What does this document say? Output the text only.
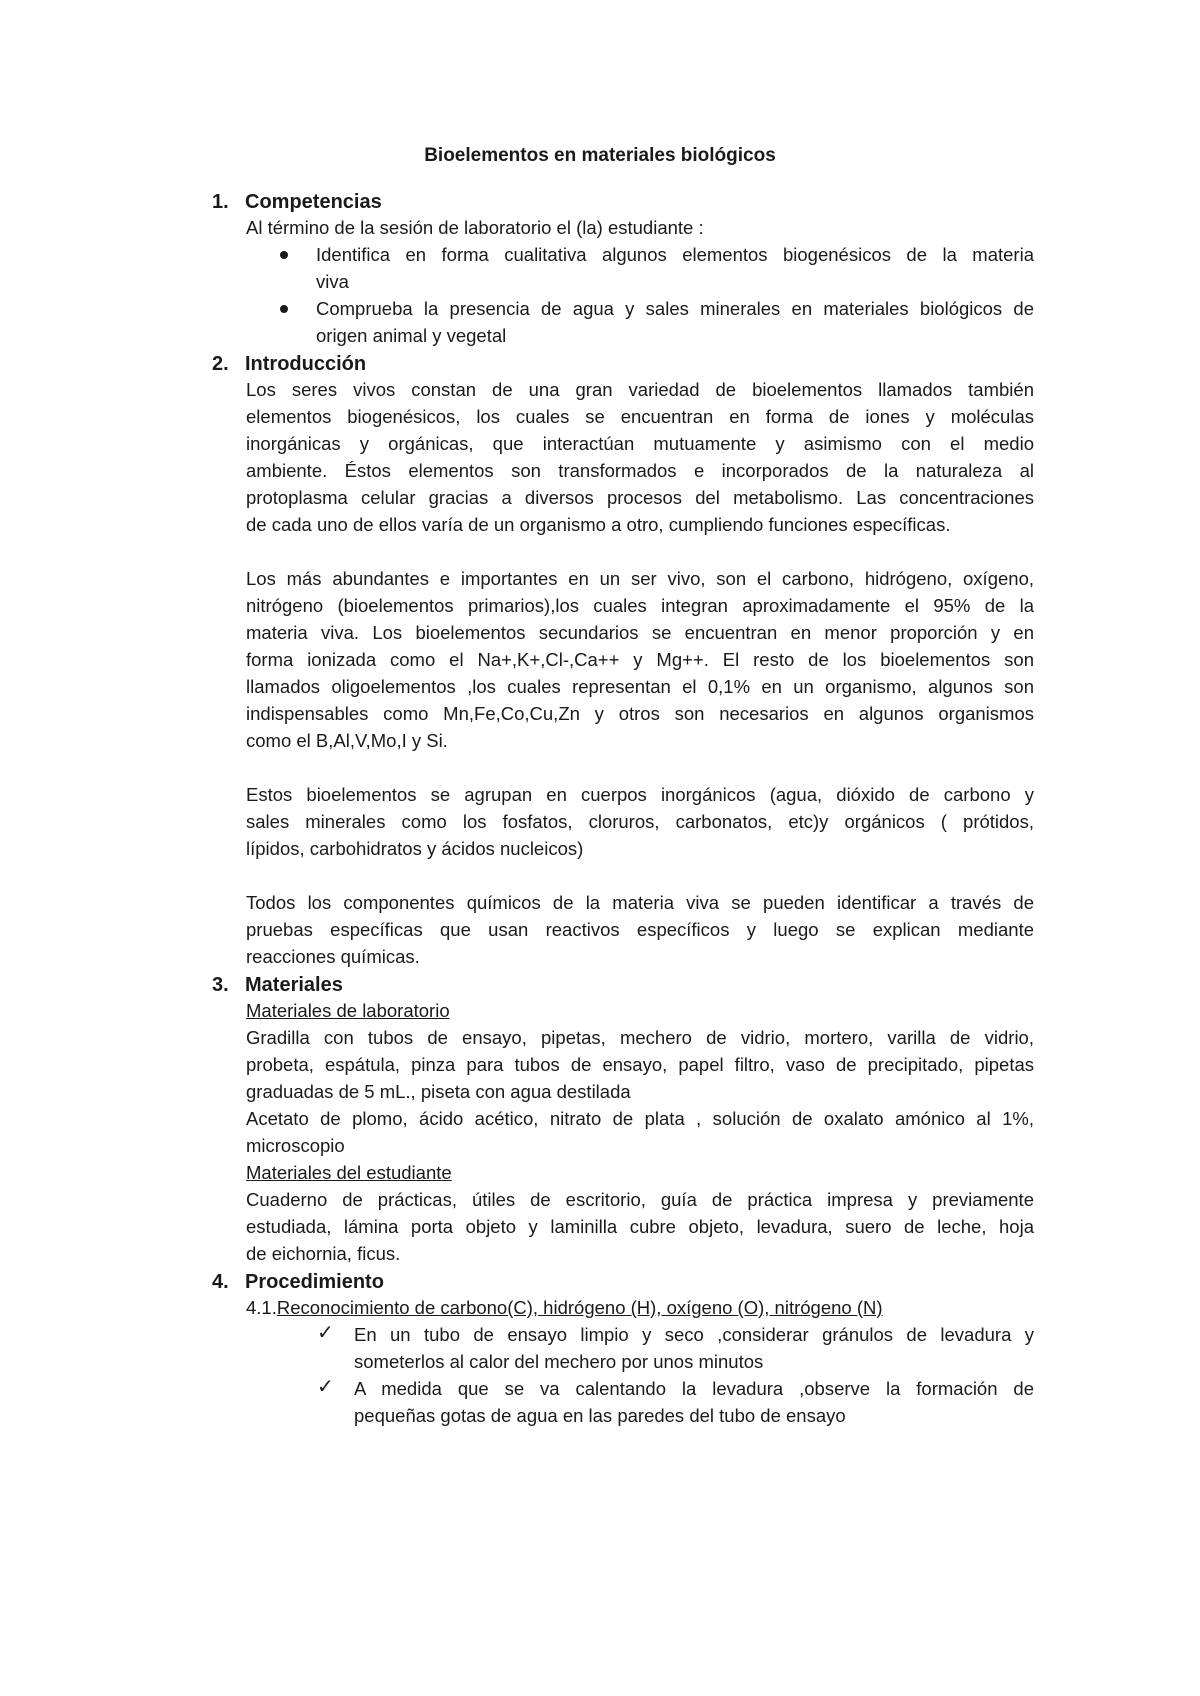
Bioelementos en materiales biológicos
1. Competencias
Al término de la sesión de laboratorio el (la) estudiante :
Identifica en forma cualitativa algunos elementos biogenésicos de la materia
viva
Comprueba la presencia de agua y sales minerales en materiales biológicos de
origen animal y vegetal
2. Introducción
Los seres vivos constan de una gran variedad de bioelementos llamados también
elementos biogenésicos, los cuales se encuentran en forma de iones y moléculas
inorgánicas y orgánicas, que interactúan mutuamente y asimismo con el medio
ambiente. Éstos elementos son transformados e incorporados de la naturaleza al
protoplasma celular gracias a diversos procesos del metabolismo. Las concentraciones
de cada uno de ellos varía de un organismo a otro, cumpliendo funciones específicas.
Los más abundantes e importantes en un ser vivo, son el carbono, hidrógeno, oxígeno,
nitrógeno (bioelementos primarios),los cuales integran aproximadamente el 95% de la
materia viva. Los bioelementos secundarios se encuentran en menor proporción y en
forma ionizada como el Na+,K+,Cl-,Ca++ y Mg++. El resto de los bioelementos son
llamados oligoelementos ,los cuales representan el 0,1% en un organismo, algunos son
indispensables como Mn,Fe,Co,Cu,Zn y otros son necesarios en algunos organismos
como el B,Al,V,Mo,I y Si.
Estos bioelementos se agrupan en cuerpos inorgánicos (agua, dióxido de carbono y
sales minerales como los fosfatos, cloruros, carbonatos, etc)y orgánicos ( prótidos,
lípidos, carbohidratos y ácidos nucleicos)
Todos los componentes químicos de la materia viva se pueden identificar a través de
pruebas específicas que usan reactivos específicos y luego se explican mediante
reacciones químicas.
3. Materiales
Materiales de laboratorio
Gradilla con tubos de ensayo, pipetas, mechero de vidrio, mortero, varilla de vidrio,
probeta, espátula, pinza para tubos de ensayo, papel filtro, vaso de precipitado, pipetas
graduadas de 5 mL., piseta con agua destilada
Acetato de plomo, ácido acético, nitrato de plata , solución de oxalato amónico al 1%,
microscopio
Materiales del estudiante
Cuaderno de prácticas, útiles de escritorio, guía de práctica impresa y previamente
estudiada, lámina porta objeto y laminilla cubre objeto, levadura, suero de leche, hoja
de eichornia, ficus.
4. Procedimiento
4.1.Reconocimiento de carbono(C), hidrógeno (H), oxígeno (O), nitrógeno (N)
✓ En un tubo de ensayo limpio y seco ,considerar gránulos de levadura y
someterlos al calor del mechero por unos minutos
✓ A medida que se va calentando la levadura ,observe la formación de
pequeñas gotas de agua en las paredes del tubo de ensayo
